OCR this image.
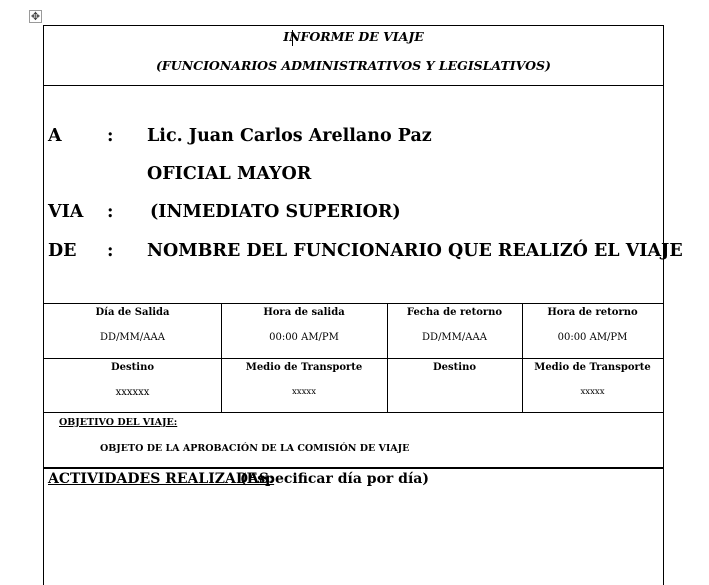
✥
INFORME DE VIAJE
(FUNCIONARIOS ADMINISTRATIVOS Y LEGISLATIVOS)
A	: Lic. Juan Carlos Arellano Paz
OFICIAL MAYOR
VIA : (INMEDIATO SUPERIOR)
DE : NOMBRE DEL FUNCIONARIO QUE REALIZÓ EL VIAJE
Día de Salida
DD/MM/AAA
Hora de salida
00:00 AM/PM
Fecha de retorno
DD/MM/AAA
Hora de retorno
00:00 AM/PM
Destino
xxxxxx
Medio de Transporte
xxxxx
Destino	Medio de Transporte
xxxxx
OBJETIVO DEL VIAJE:
OBJETO DE LA APROBACIÓN DE LA COMISIÓN DE VIAJE
ACTIVIDADES REALIZADAS:
(Especificar día por día)
